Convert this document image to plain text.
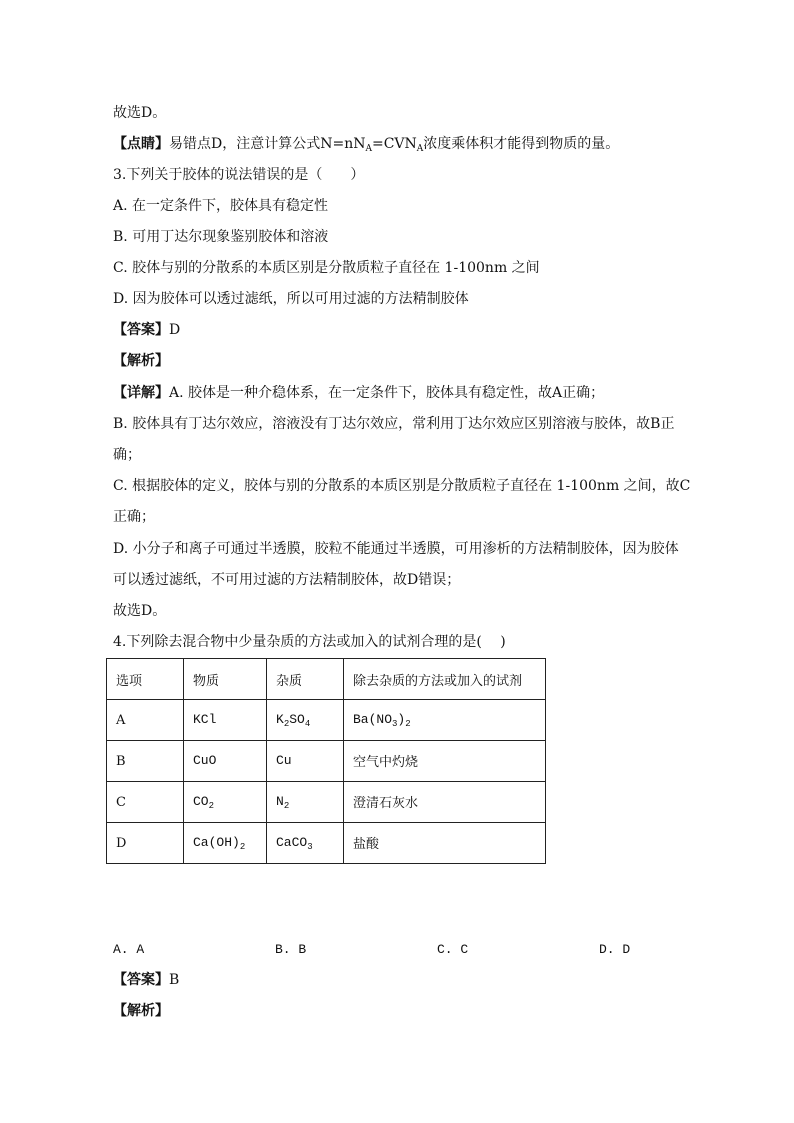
故选D。
【点睛】易错点D，注意计算公式$N=nN_A=CVN_A$浓度乘体积才能得到物质的量。
3.下列关于胶体的说法错误的是（　　）
A. 在一定条件下，胶体具有稳定性
B. 可用丁达尔现象鉴别胶体和溶液
C. 胶体与别的分散系的本质区别是分散质粒子直径在 1-100nm 之间
D. 因为胶体可以透过滤纸，所以可用过滤的方法精制胶体
【答案】D
【解析】
【详解】A. 胶体是一种介稳体系，在一定条件下，胶体具有稳定性，故A正确；
B. 胶体具有丁达尔效应，溶液没有丁达尔效应，常利用丁达尔效应区别溶液与胶体，故B正
确；
C. 根据胶体的定义，胶体与别的分散系的本质区别是分散质粒子直径在 1-100nm 之间，故C
正确；
D. 小分子和离子可通过半透膜，胶粒不能通过半透膜，可用渗析的方法精制胶体，因为胶体
可以透过滤纸，不可用过滤的方法精制胶体，故D错误；
故选D。
4.下列除去混合物中少量杂质的方法或加入的试剂合理的是(　 )
选项	物质	杂质	除去杂质的方法或加入的试剂
A	KCl	$K_2SO_4$	$Ba(NO_3)_2$
B	CuO	Cu	空气中灼烧
C	$CO_2$	$N_2$	澄清石灰水
D	$Ca(OH)_2$	CaCO$_3$	盐酸
A. A	B. B	C. C	D. D
【答案】B
【解析】
